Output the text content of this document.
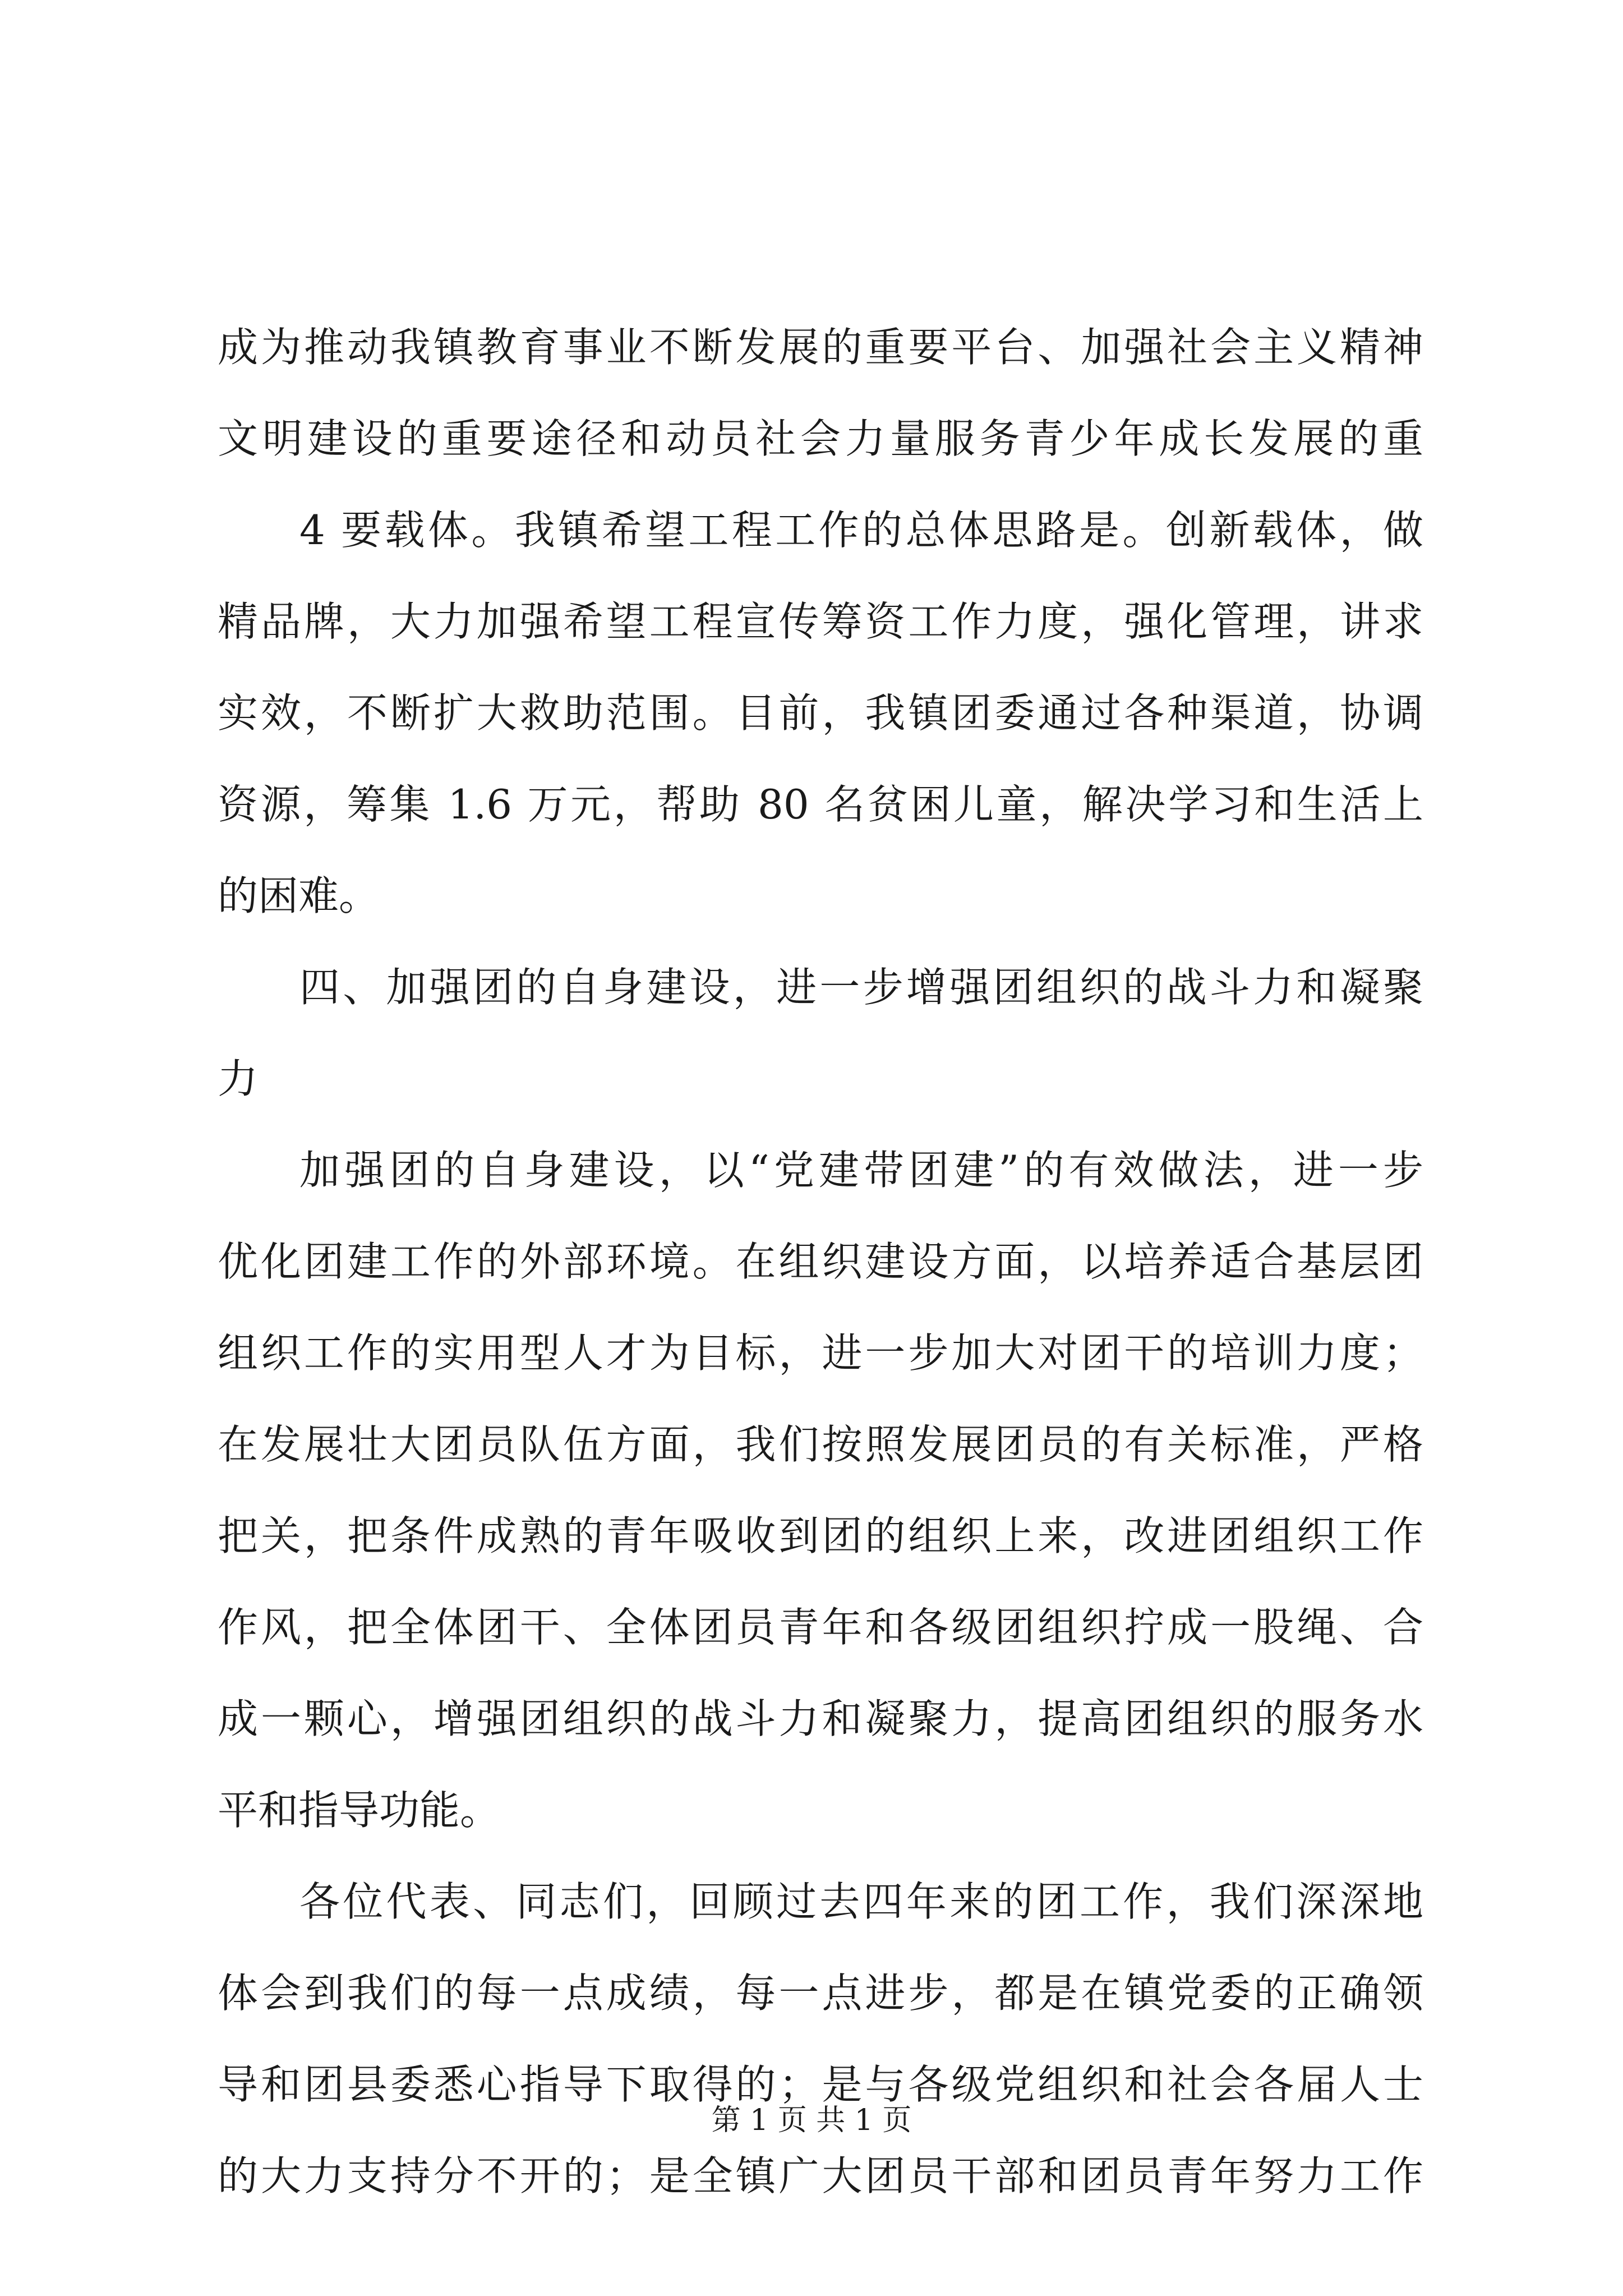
成为推动我镇教育事业不断发展的重要平台、加强社会主义精神
文明建设的重要途径和动员社会力量服务青少年成长发展的重
4 要载体。我镇希望工程工作的总体思路是。创新载体，做
精品牌，大力加强希望工程宣传筹资工作力度，强化管理，讲求
实效，不断扩大救助范围。目前，我镇团委通过各种渠道，协调
资源，筹集 1.6 万元，帮助 80 名贫困儿童，解决学习和生活上
的困难。
四、加强团的自身建设，进一步增强团组织的战斗力和凝聚
力
加强团的自身建设，以“党建带团建”的有效做法，进一步
优化团建工作的外部环境。在组织建设方面，以培养适合基层团
组织工作的实用型人才为目标，进一步加大对团干的培训力度；
在发展壮大团员队伍方面，我们按照发展团员的有关标准，严格
把关，把条件成熟的青年吸收到团的组织上来，改进团组织工作
作风，把全体团干、全体团员青年和各级团组织拧成一股绳、合
成一颗心，增强团组织的战斗力和凝聚力，提高团组织的服务水
平和指导功能。
各位代表、同志们，回顾过去四年来的团工作，我们深深地
体会到我们的每一点成绩，每一点进步，都是在镇党委的正确领
导和团县委悉心指导下取得的；是与各级党组织和社会各届人士
的大力支持分不开的；是全镇广大团员干部和团员青年努力工作
第 1 页 共 1 页
